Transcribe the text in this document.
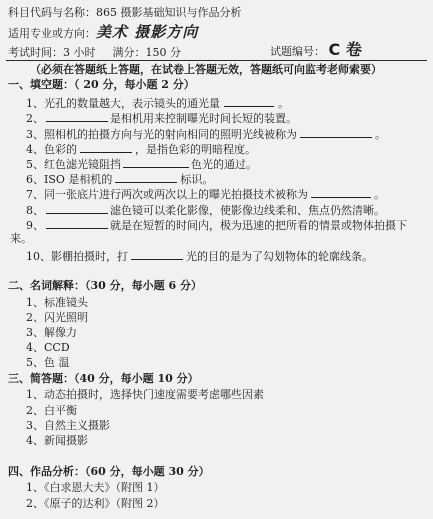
科目代码与名称：865 摄影基础知识与作品分析
适用专业或方向：美术 摄影方向
考试时间：3 小时 满分：150 分	试题编号： C 卷
（必须在答题纸上答题，在试卷上答题无效，答题纸可向监考老师索要）
一、填空题：（ 20 分，每小题 2 分）
1、光孔的数量越大，表示镜头的通光量	。
2、	是相机用来控制曝光时间长短的装置。
3、照相机的拍摄方向与光的射向相同的照明光线被称为	。
4、色彩的	，是指色彩的明暗程度。
5、红色滤光镜阻挡	色光的通过。
6、ISO 是相机的	标识。
7、同一张底片进行两次或两次以上的曝光拍摄技术被称为	。
8、	滤色镜可以柔化影像，使影像边线柔和、焦点仍然清晰。
9、	就是在短暂的时间内，极为迅速的把所看的情景或物体拍摄下
来。
10、影棚拍摄时，打	光的目的是为了勾划物体的轮廓线条。
二、名词解释：（30 分，每小题 6 分）
1、标准镜头
2、闪光照明
3、解像力
4、CCD
5、色 温
三、简答题：（40 分，每小题 10 分）
1、动态拍摄时，选择快门速度需要考虑哪些因素
2、白平衡
3、自然主义摄影
4、新闻摄影
四、作品分析：（60 分，每小题 30 分）
1、《白求恩大夫》（附图 1）
2、《原子的达利》（附图 2）
